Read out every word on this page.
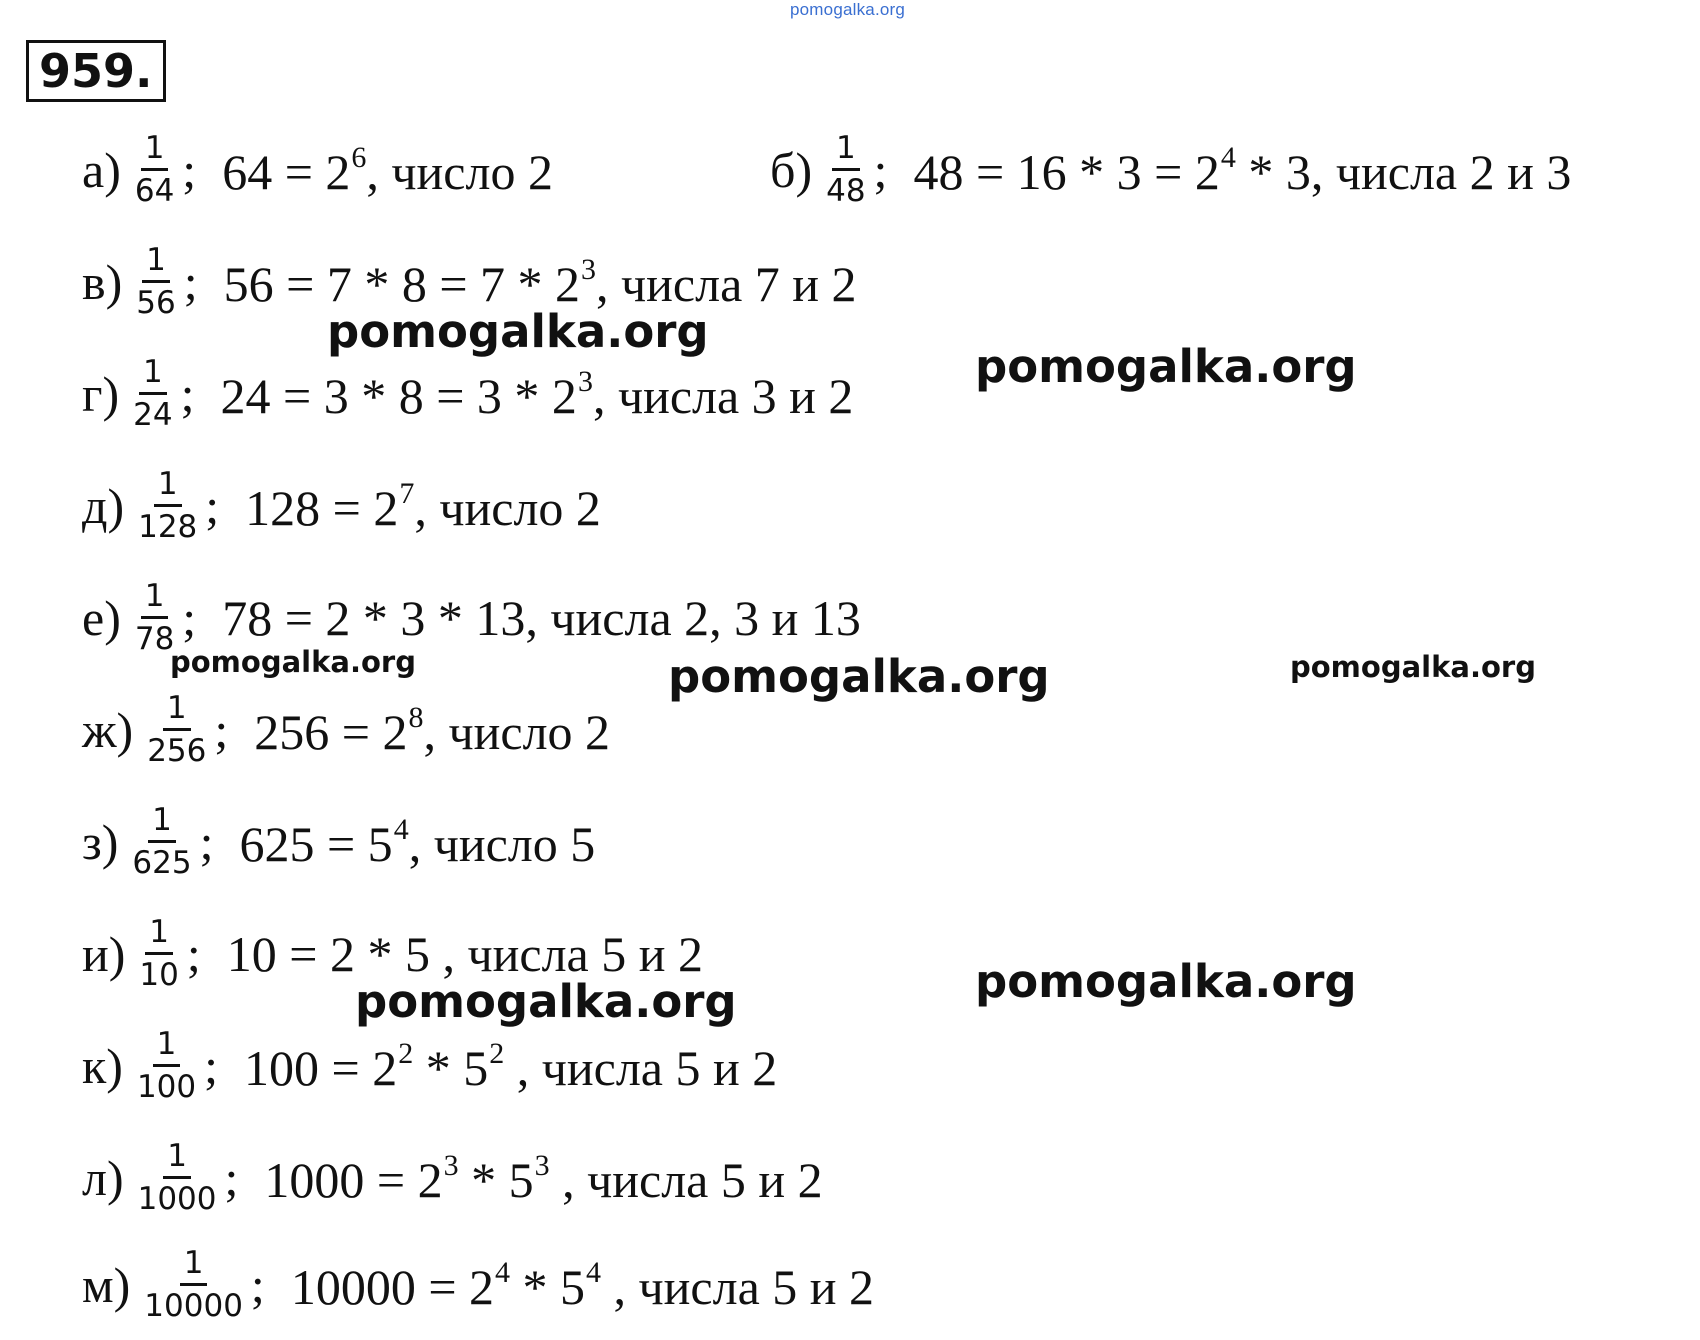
pomogalka.org
959.
$а) \frac{1}{64}$ ; $64 = 2^6$, число 2	$б) \frac{1}{48}$ ; $48 = 16 * 3 = 2^4 * 3$, числа 2 и 3
$в) \frac{1}{56}$ ; $56 = 7 * 8 = 7 * 2^3$, числа 7 и 2
$г) \frac{1}{24}$ ; $24 = 3 * 8 = 3 * 2^3$, числа 3 и 2
$д) \frac{1}{128}$ ; $128 = 2^7$, число 2
$е) \frac{1}{78}$ ; 78 = 2 * 3 * 13, числа 2, 3 и 13
$ж) \frac{1}{256}$ ; $256 = 2^8$, число 2
$з) \frac{1}{625}$ ; $625 = 5^4$, число 5
$и) \frac{1}{10}$ ; 10 = 2 * 5 , числа 5 и 2
$к) \frac{1}{100}$ ; $100 = 2^2 * 5^2$ , числа 5 и 2
$л) \frac{1}{1000}$ ; $1000 = 2^3 * 5^3$ , числа 5 и 2
$м) \frac{1}{10000}$ ; $10000 = 2^4 * 5^4$ , числа 5 и 2
pomogalka.org
pomogalka.org
pomogalka.org	pomogalka.org	pomogalka.org
pomogalka.org	pomogalka.org
